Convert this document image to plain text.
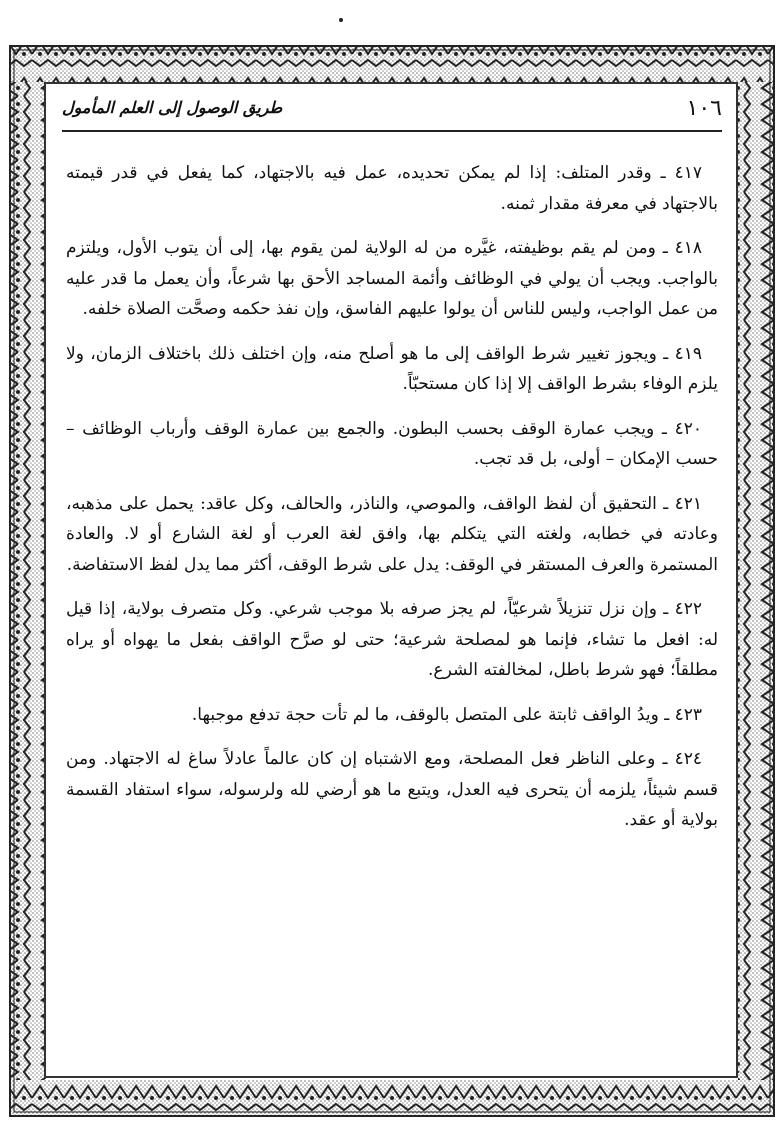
١٠٦
طريق الوصول إلى العلم المأمول

٤١٧ ـ وقدر المتلف: إذا لم يمكن تحديده، عمل فيه بالاجتهاد، كما يفعل في قدر قيمته بالاجتهاد في معرفة مقدار ثمنه.

٤١٨ ـ ومن لم يقم بوظيفته، غيَّره من له الولاية لمن يقوم بها، إلى أن يتوب الأول، ويلتزم بالواجب. ويجب أن يولي في الوظائف وأئمة المساجد الأحق بها شرعاً، وأن يعمل ما قدر عليه من عمل الواجب، وليس للناس أن يولوا عليهم الفاسق، وإن نفذ حكمه وصحَّت الصلاة خلفه.

٤١٩ ـ ويجوز تغيير شرط الواقف إلى ما هو أصلح منه، وإن اختلف ذلك باختلاف الزمان، ولا يلزم الوفاء بشرط الواقف إلا إذا كان مستحبّاً.

٤٢٠ ـ ويجب عمارة الوقف بحسب البطون. والجمع بين عمارة الوقف وأرباب الوظائف – حسب الإمكان – أولى، بل قد تجب.

٤٢١ ـ التحقيق أن لفظ الواقف، والموصي، والناذر، والحالف، وكل عاقد: يحمل على مذهبه، وعادته في خطابه، ولغته التي يتكلم بها، وافق لغة العرب أو لغة الشارع أو لا. والعادة المستمرة والعرف المستقر في الوقف: يدل على شرط الوقف، أكثر مما يدل لفظ الاستفاضة.

٤٢٢ ـ وإن نزل تنزيلاً شرعيّاً، لم يجز صرفه بلا موجب شرعي. وكل متصرف بولاية، إذا قيل له: افعل ما تشاء، فإنما هو لمصلحة شرعية؛ حتى لو صرَّح الواقف بفعل ما يهواه أو يراه مطلقاً؛ فهو شرط باطل، لمخالفته الشرع.

٤٢٣ ـ ويدُ الواقف ثابتة على المتصل بالوقف، ما لم تأت حجة تدفع موجبها.

٤٢٤ ـ وعلى الناظر فعل المصلحة، ومع الاشتباه إن كان عالماً عادلاً ساغ له الاجتهاد. ومن قسم شيئاً، يلزمه أن يتحرى فيه العدل، ويتبع ما هو أرضي لله ولرسوله، سواء استفاد القسمة بولاية أو عقد.
